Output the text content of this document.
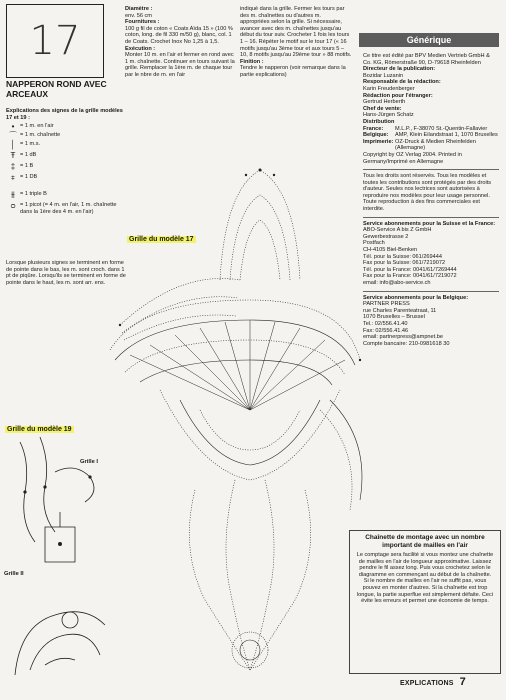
17
NAPPERON ROND AVEC ARCEAUX
Explications des signes de la grille modèles 17 et 19 :
• = 1 m. en l'air
⌒ = 1 m. chaînette
│ = 1 m.s.
Ŧ = 1 dB
‡ = 1 B
⧧ = 1 DB
⫵ = 1 triple B
ᴑ = 1 picot (= 4 m. en l'air, 1 m. chaînette dans la 1ère des 4 m. en l'air)
Lorsque plusieurs signes se terminent en forme de pointe dans le bas, les m. sont croch. dans 1 pt de piqûre. Lorsqu'ils se terminent en forme de pointe dans le haut, les m. sont arr. ens.

Diamètre :

env. 56 cm

Fournitures :

100 g fil de coton « Coats Aïda 15 » (100 % coton, long. de fil 330 m/50 g), blanc, col. 1 de Coats. Crochet Inox No 1,25 à 1,5.

Exécution :

Monter 10 m. en l'air et fermer en rond avec 1 m. chaînette. Continuer en tours suivant la grille. Remplacer la 1ère m. de chaque tour par le nbre de m. en l'air

indiqué dans la grille. Fermer les tours par des m. chaînettes ou d'autres m. appropriées selon la grille. Si nécessaire, avancer avec des m. chaînettes jusqu'au début du tour suiv. Crocheter 1 fois les tours 1 – 16. Répéter le motif sur le tour 17 (« 16 motifs jusqu'au 3ème tour et aux tours 5 – 10, 8 motifs jusqu'au 29ème tour » 88 motifs.

Finition :

Tendre le napperon (voir remarque dans la partie explications)

Grille du modèle 17
Grille du modèle 19
Grille I
Grille II
Générique

Ce titre est édité par BPV Medien Vertrieb GmbH & Co. KG, Römerstraße 90, D-79618 Rheinfelden

Directeur de la publication:

Bozidar Luzanin

Responsable de la rédaction:

Karin Freudenberger

Rédaction pour l'étranger:

Gertrud Herberth

Chef de vente:

Hans-Jürgen Schatz

Distribution

France:	M.L.P., F-38070 St.-Quentin-Fallavier
Belgique:	AMP, Klein Eilandstraat 1, 1070 Bruxelles
Imprimerie: OZ-Druck & Medien Rheinfelden (Allemagne)

Copyright by OZ Verlag 2004. Printed in Germany/Imprimé en Allemagne

Tous les droits sont réservés. Tous les modèles et toutes les contributions sont protégés par des droits d'auteur. Seules nos lectrices sont autorisées à reproduire nos modèles pour leur usage personnel. Toute reproduction à des fins commerciales est interdite.

Service abonnements pour la Suisse et la France:

ABO-Service A bis Z GmbH

Gewerbestrasse 2

Postfach

CH-4105 Biel-Benken

Tél. pour la Suisse: 061/269444

Fax pour la Suisse: 061/7219072

Tél. pour la France: 0041/61/7269444

Fax pour la France: 0041/61/7219072

email: info@abo-service.ch

Service abonnements pour la Belgique:

PARTNER PRESS

rue Charles Parenteatraat, 11

1070 Bruxelles – Brussel

Tel.: 02/556.41.40

Fax: 02/556.41.46

email: partnerpress@ampnet.be

Compte bancaire: 210-0981618 30

Chaînette de montage avec un nombre important de mailles en l'air
Le comptage sera facilité si vous montez une chaînette de mailles en l'air de longueur approximative. Laissez pendre le fil assez long. Puis vous crochetez selon le diagramme en commençant au début de la chaînette. Si le nombre de mailles en l'air ne suffit pas, vous pouvez en monter d'autres. Si la chaînette est trop longue, la partie superflue est simplement défaite. Ceci évite les erreurs et permet une économie de temps.
EXPLICATIONS 7
